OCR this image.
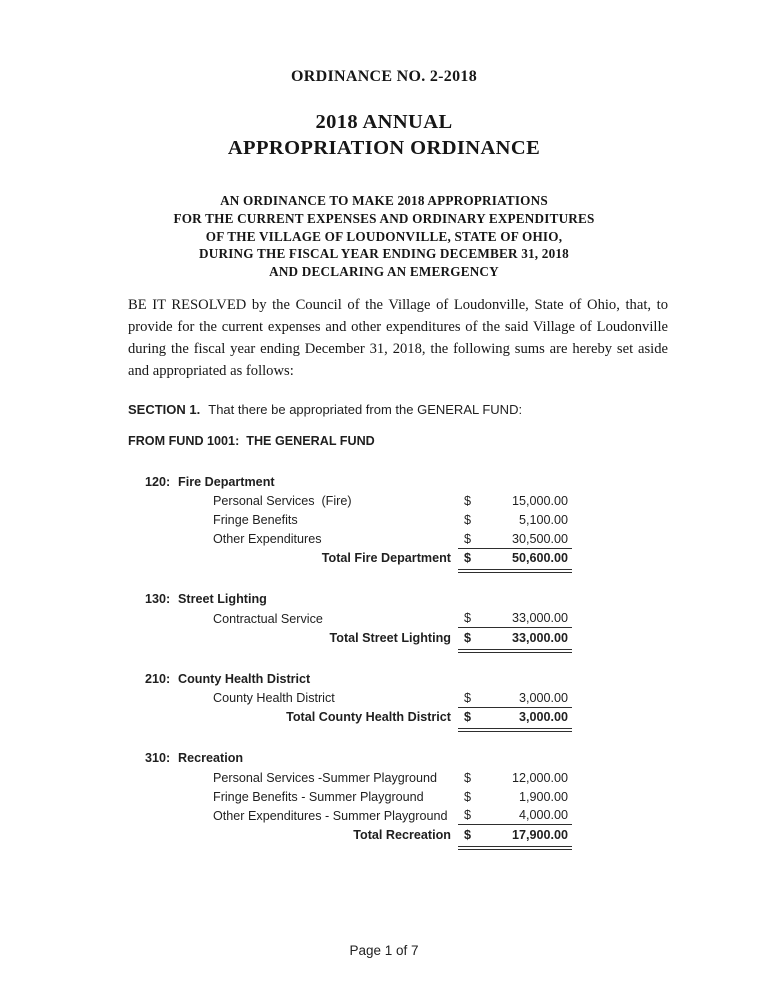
ORDINANCE NO. 2-2018
2018 ANNUAL
APPROPRIATION ORDINANCE
AN ORDINANCE TO MAKE 2018 APPROPRIATIONS
FOR THE CURRENT EXPENSES AND ORDINARY EXPENDITURES
OF THE VILLAGE OF LOUDONVILLE, STATE OF OHIO,
DURING THE FISCAL YEAR ENDING DECEMBER 31, 2018
AND DECLARING AN EMERGENCY

BE IT RESOLVED by the Council of the Village of Loudonville, State of Ohio, that, to provide for the current expenses and other expenditures of the said Village of Loudonville during the fiscal year ending December 31, 2018, the following sums are hereby set aside and appropriated as follows:

SECTION 1. That there be appropriated from the GENERAL FUND:
FROM FUND 1001:  THE GENERAL FUND
120: Fire Department
Personal Services  (Fire)	$	15,000.00
Fringe Benefits	$	5,100.00
Other Expenditures	$	30,500.00
Total Fire Department	$	50,600.00
130: Street Lighting
Contractual Service	$	33,000.00
Total Street Lighting	$	33,000.00
210: County Health District
County Health District	$	3,000.00
Total County Health District	$	3,000.00
310: Recreation
Personal Services -Summer Playground	$	12,000.00
Fringe Benefits - Summer Playground	$	1,900.00
Other Expenditures - Summer Playground	$	4,000.00
Total Recreation	$	17,900.00
Page 1 of 7
